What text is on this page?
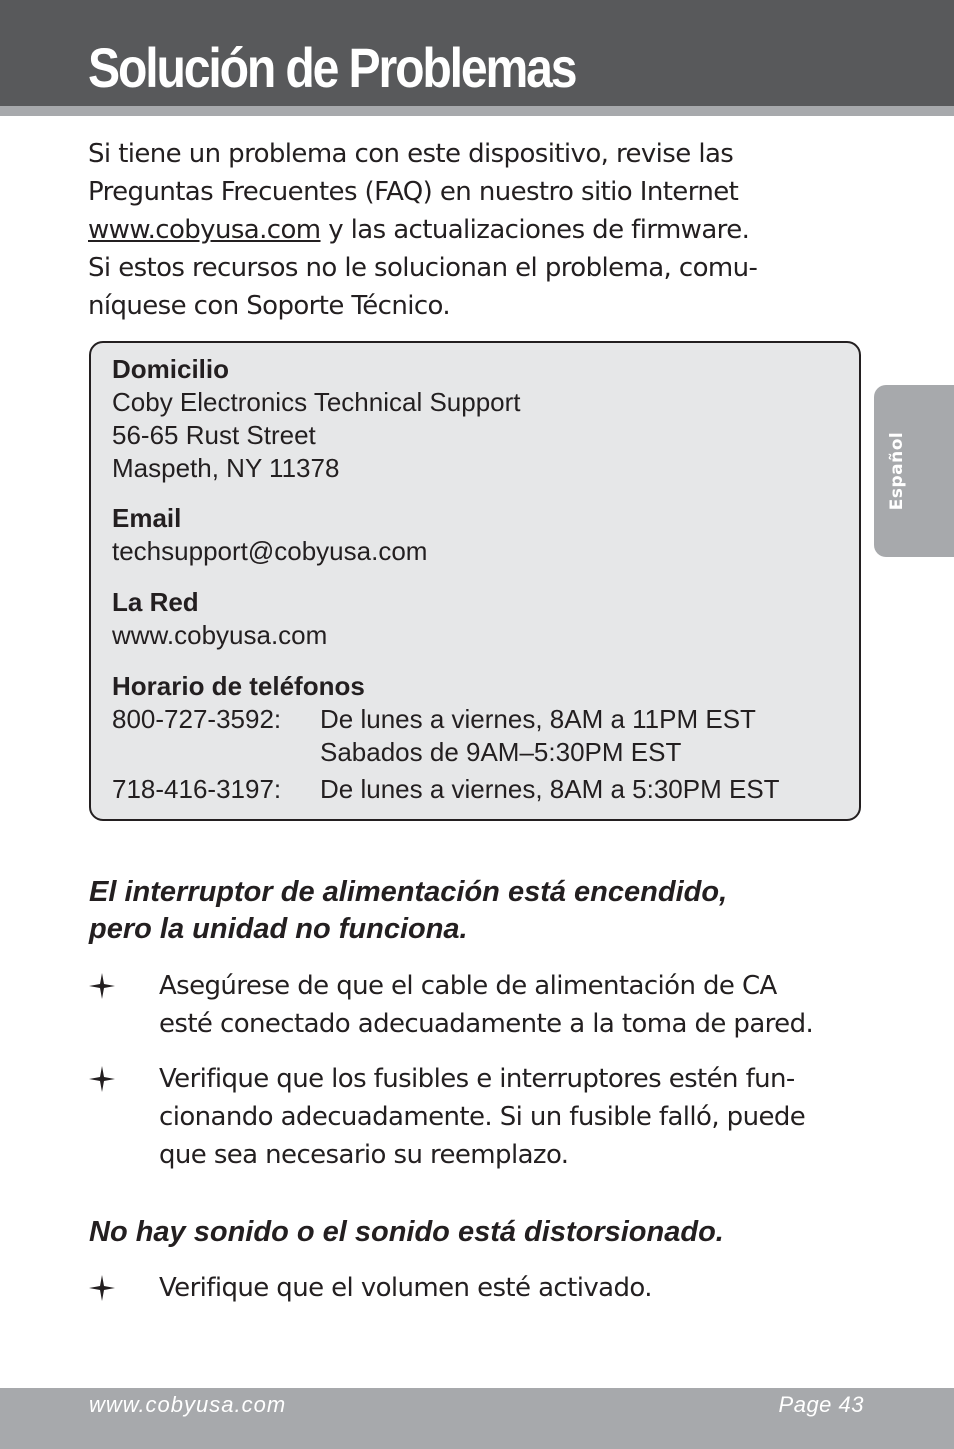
Solución de Problemas

Si tiene un problema con este dispositivo, revise las
Preguntas Frecuentes (FAQ) en nuestro sitio Internet
www.cobyusa.com y las actualizaciones de firmware.
Si estos recursos no le solucionan el problema, comu-
níquese con Soporte Técnico.

Domicilio

Coby Electronics Technical Support

56-65 Rust Street

Maspeth, NY 11378

Email

techsupport@cobyusa.com

La Red

www.cobyusa.com

Horario de teléfonos

800-727-3592: De lunes a viernes, 8AM a 11PM EST

Sabados de 9AM–5:30PM EST

718-416-3197: De lunes a viernes, 8AM a 5:30PM EST

Español

El interruptor de alimentación está encendido,
pero la unidad no funciona.

Asegúrese de que el cable de alimentación de CA
esté conectado adecuadamente a la toma de pared.

Verifique que los fusibles e interruptores estén fun-
cionando adecuadamente. Si un fusible falló, puede
que sea necesario su reemplazo.

No hay sonido o el sonido está distorsionado.

Verifique que el volumen esté activado.

www.cobyusa.com	Page 43
